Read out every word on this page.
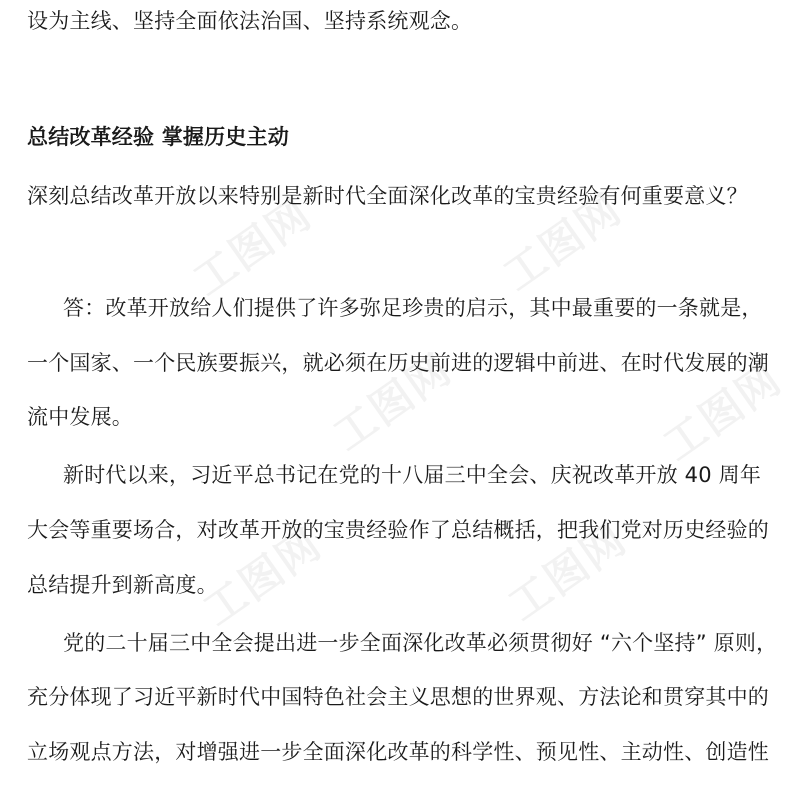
工图网	工图网
工图网
工图网	工图网
工图网
设为主线、坚持全面依法治国、坚持系统观念。
总结改革经验 掌握历史主动
深刻总结改革开放以来特别是新时代全面深化改革的宝贵经验有何重要意义？
答：改革开放给人们提供了许多弥足珍贵的启示，其中最重要的一条就是，
一个国家、一个民族要振兴，就必须在历史前进的逻辑中前进、在时代发展的潮
流中发展。
新时代以来，习近平总书记在党的十八届三中全会、庆祝改革开放 40 周年
大会等重要场合，对改革开放的宝贵经验作了总结概括，把我们党对历史经验的
总结提升到新高度。
党的二十届三中全会提出进一步全面深化改革必须贯彻好 “六个坚持” 原则，
充分体现了习近平新时代中国特色社会主义思想的世界观、方法论和贯穿其中的
立场观点方法，对增强进一步全面深化改革的科学性、预见性、主动性、创造性
